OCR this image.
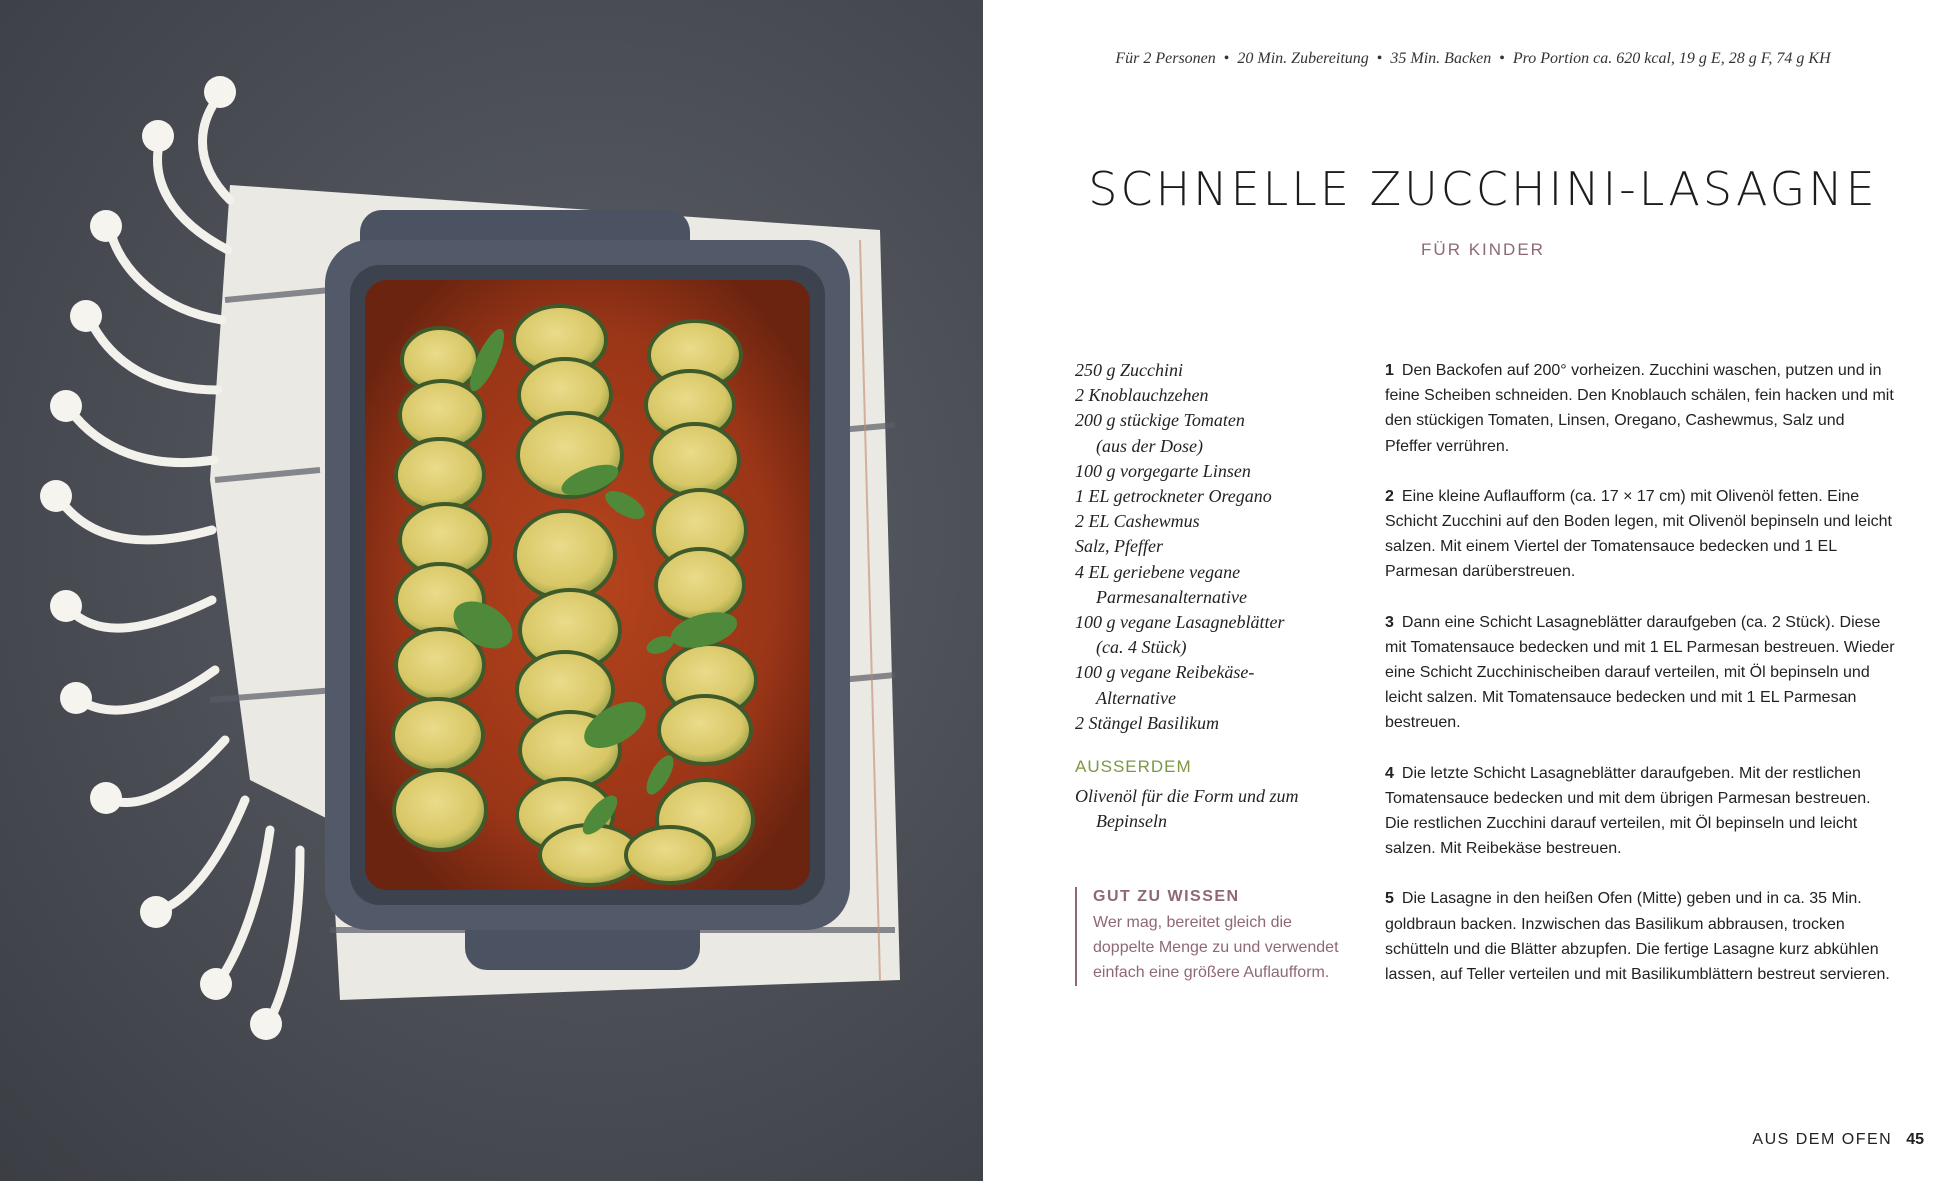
Für 2 Personen • 20 Min. Zubereitung • 35 Min. Backen • Pro Portion ca. 620 kcal, 19 g E, 28 g F, 74 g KH
SCHNELLE ZUCCHINI-LASAGNE
FÜR KINDER
250 g Zucchini
2 Knoblauchzehen
200 g stückige Tomaten
(aus der Dose)
100 g vorgegarte Linsen
1 EL getrockneter Oregano
2 EL Cashewmus
Salz, Pfeffer
4 EL geriebene vegane
Parmesanalternative
100 g vegane Lasagneblätter
(ca. 4 Stück)
100 g vegane Reibekäse-
Alternative
2 Stängel Basilikum
AUSSERDEM
Olivenöl für die Form und zum
Bepinseln
GUT ZU WISSEN
Wer mag, bereitet gleich die doppelte Menge zu und verwendet einfach eine größere Auflaufform.

1 Den Backofen auf 200° vorheizen. Zucchini waschen, putzen und in feine Scheiben schneiden. Den Knoblauch schälen, fein hacken und mit den stückigen Tomaten, Linsen, Oregano, Cashewmus, Salz und Pfeffer verrühren.

2 Eine kleine Auflaufform (ca. 17 × 17 cm) mit Olivenöl fetten. Eine Schicht Zucchini auf den Boden legen, mit Olivenöl bepinseln und leicht salzen. Mit einem Viertel der Tomatensauce bedecken und 1 EL Parmesan darüberstreuen.

3 Dann eine Schicht Lasagneblätter daraufgeben (ca. 2 Stück). Diese mit Tomatensauce bedecken und mit 1 EL Parmesan bestreuen. Wieder eine Schicht Zucchinischeiben darauf verteilen, mit Öl bepinseln und leicht salzen. Mit Tomatensauce bedecken und mit 1 EL Parmesan bestreuen.

4 Die letzte Schicht Lasagneblätter daraufgeben. Mit der restlichen Tomatensauce bedecken und mit dem übrigen Parmesan bestreuen. Die restlichen Zucchini darauf verteilen, mit Öl bepinseln und leicht salzen. Mit Reibekäse bestreuen.

5 Die Lasagne in den heißen Ofen (Mitte) geben und in ca. 35 Min. goldbraun backen. Inzwischen das Basilikum abbrausen, trocken schütteln und die Blätter abzupfen. Die fertige Lasagne kurz abkühlen lassen, auf Teller verteilen und mit Basilikumblättern bestreut servieren.

AUS DEM OFEN 45
